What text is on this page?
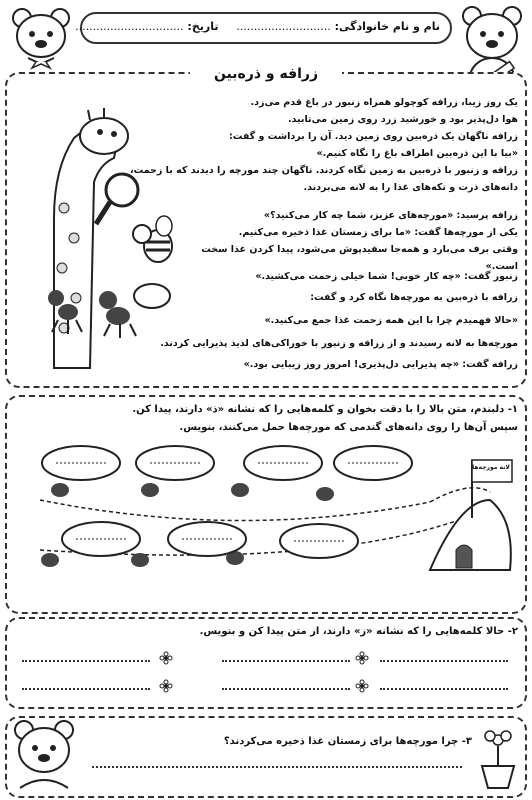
نام و نام خانوادگی: ........................... تاریخ: ...............................
زرافه و ذره‌بین
یک روز زیبا، زرافه کوچولو همراه زنبور در باغ قدم می‌زد.
هوا دل‌پذیر بود و خورشید زرد روی زمین می‌تابید.
زرافه ناگهان یک ذره‌بین روی زمین دید. آن را برداشت و گفت:
«بیا با این ذره‌بین اطراف باغ را نگاه کنیم.»
زرافه و زنبور با ذره‌بین به زمین نگاه کردند. ناگهان چند مورچه را دیدند که با زحمت،
دانه‌های ذرت و تکه‌های غذا را به لانه می‌بردند.
زرافه پرسید: «مورچه‌های عزیز، شما چه کار می‌کنید؟»
یکی از مورچه‌ها گفت: «ما برای زمستان غذا ذخیره می‌کنیم.
وقتی برف می‌بارد و همه‌جا سفیدپوش می‌شود، پیدا کردن غذا سخت است.»
زنبور گفت: «چه کار خوبی! شما خیلی زحمت می‌کشید.»
زرافه با ذره‌بین به مورچه‌ها نگاه کرد و گفت:
«حالا فهمیدم چرا با این همه زحمت غذا جمع می‌کنید.»
مورچه‌ها به لانه رسیدند و از زرافه و زنبور با خوراکی‌های لذیذ پذیرایی کردند.
زرافه گفت: «چه پذیرایی دل‌پذیری! امروز روز زیبایی بود.»
۱- دلبندم، متن بالا را با دقت بخوان و کلمه‌هایی را که نشانه «ذ» دارند، پیدا کن.
سپس آن‌ها را روی دانه‌های گندمی که مورچه‌ها حمل می‌کنند، بنویس.
لانه مورچه‌ها
۲- حالا کلمه‌هایی را که نشانه «ز» دارند، از متن پیدا کن و بنویس.
۳- چرا مورچه‌ها برای زمستان غذا ذخیره می‌کردند؟
